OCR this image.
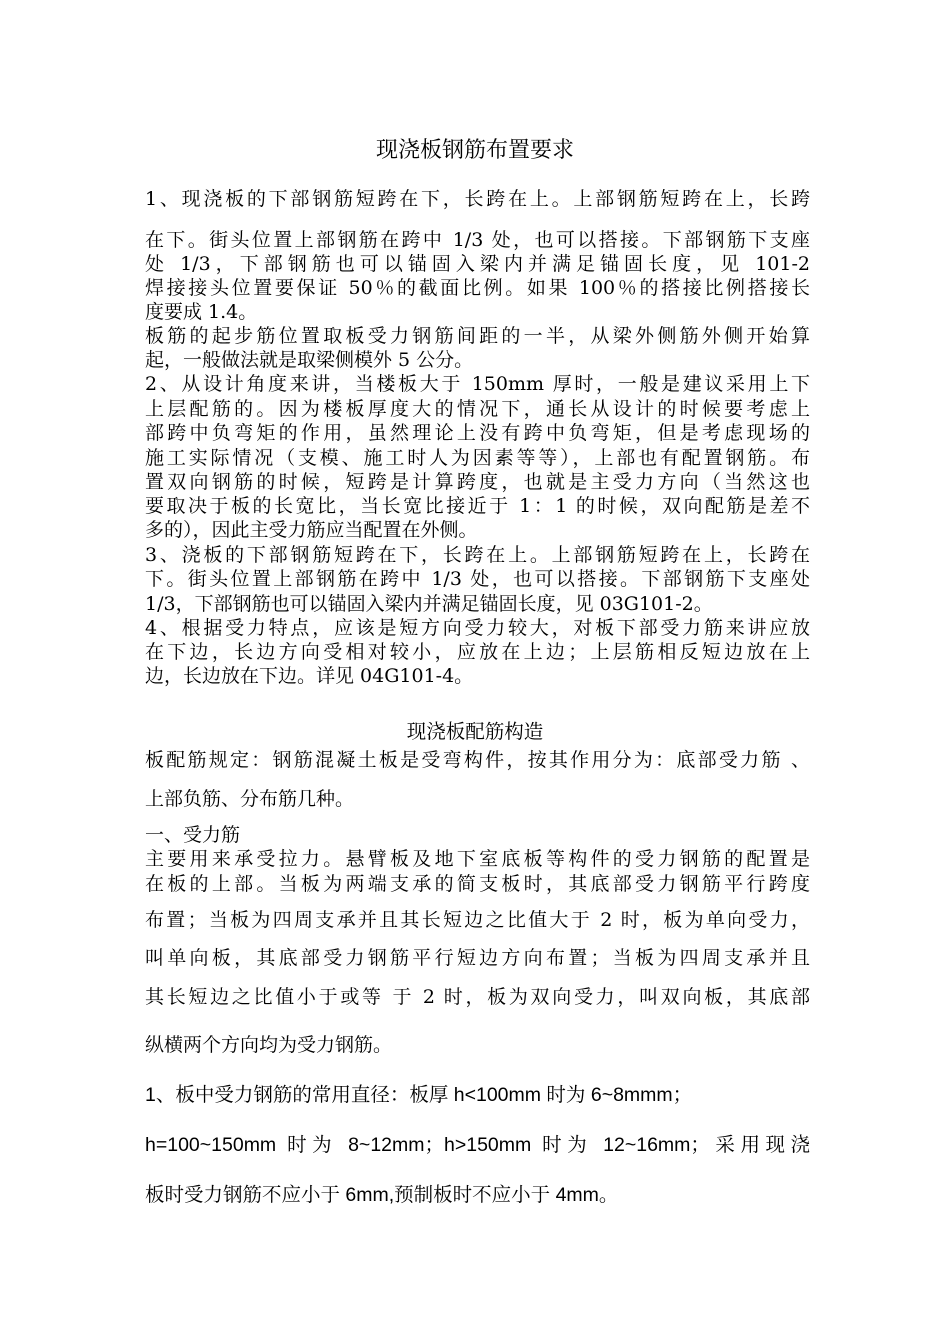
现浇板钢筋布置要求
1、现浇板的下部钢筋短跨在下，长跨在上。上部钢筋短跨在上，长跨
在下。街头位置上部钢筋在跨中 1/3 处，也可以搭接。下部钢筋下支座
处 1/3，下部钢筋也可以锚固入梁内并满足锚固长度，见 101-2
焊接接头位置要保证 50％的截面比例。如果 100％的搭接比例搭接长
度要成 1.4。
板筋的起步筋位置取板受力钢筋间距的一半，从梁外侧筋外侧开始算
起，一般做法就是取梁侧模外 5 公分。
2、从设计角度来讲，当楼板大于 150mm 厚时，一般是建议采用上下
上层配筋的。因为楼板厚度大的情况下，通长从设计的时候要考虑上
部跨中负弯矩的作用，虽然理论上没有跨中负弯矩，但是考虑现场的
施工实际情况（支模、施工时人为因素等等），上部也有配置钢筋。布
置双向钢筋的时候，短跨是计算跨度，也就是主受力方向（当然这也
要取决于板的长宽比，当长宽比接近于 1：1 的时候，双向配筋是差不
多的），因此主受力筋应当配置在外侧。
3、浇板的下部钢筋短跨在下，长跨在上。上部钢筋短跨在上，长跨在
下。街头位置上部钢筋在跨中 1/3 处，也可以搭接。下部钢筋下支座处
1/3，下部钢筋也可以锚固入梁内并满足锚固长度，见 03G101-2。
4、根据受力特点，应该是短方向受力较大，对板下部受力筋来讲应放
在下边，长边方向受相对较小，应放在上边；上层筋相反短边放在上
边，长边放在下边。详见 04G101-4。
现浇板配筋构造
板配筋规定：钢筋混凝土板是受弯构件，按其作用分为：底部受力筋 、
上部负筋、分布筋几种。
一、受力筋
主要用来承受拉力。悬臂板及地下室底板等构件的受力钢筋的配置是
在板的上部。当板为两端支承的简支板时，其底部受力钢筋平行跨度
布置；当板为四周支承并且其长短边之比值大于 2 时，板为单向受力，
叫单向板，其底部受力钢筋平行短边方向布置；当板为四周支承并且
其长短边之比值小于或等 于 2 时，板为双向受力，叫双向板，其底部
纵横两个方向均为受力钢筋。
1、板中受力钢筋的常用直径：板厚 h<100mm 时为 6~8mmm；
h=100~150mm 时为 8~12mm；h>150mm 时为 12~16mm；采用现浇
板时受力钢筋不应小于 6mm,预制板时不应小于 4mm。
